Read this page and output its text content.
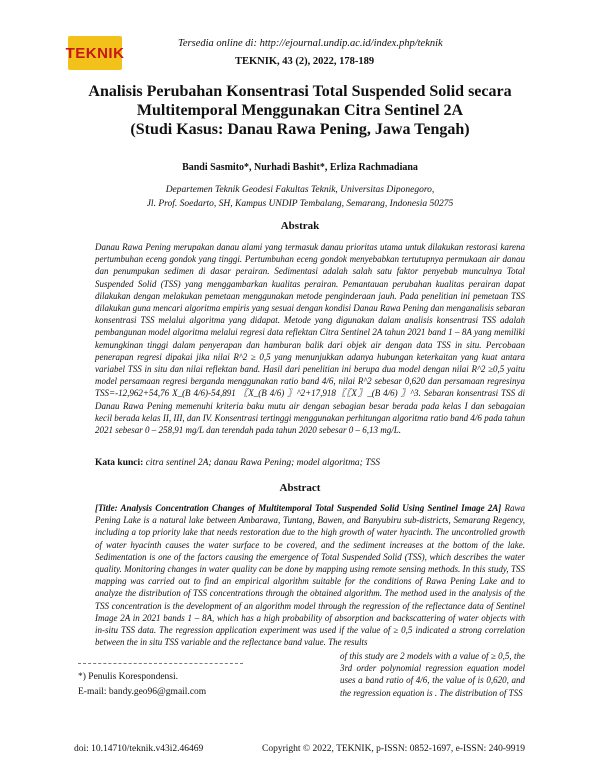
TEKNIK
Tersedia online di: http://ejournal.undip.ac.id/index.php/teknik
TEKNIK, 43 (2), 2022, 178-189
Analisis Perubahan Konsentrasi Total Suspended Solid secara
Multitemporal Menggunakan Citra Sentinel 2A
(Studi Kasus: Danau Rawa Pening, Jawa Tengah)
Bandi Sasmito*, Nurhadi Bashit*, Erliza Rachmadiana
Departemen Teknik Geodesi Fakultas Teknik, Universitas Diponegoro,
Jl. Prof. Soedarto, SH, Kampus UNDIP Tembalang, Semarang, Indonesia 50275
Abstrak

Danau Rawa Pening merupakan danau alami yang termasuk danau prioritas utama untuk dilakukan restorasi karena pertumbuhan eceng gondok yang tinggi. Pertumbuhan eceng gondok menyebabkan tertutupnya permukaan air danau dan penumpukan sedimen di dasar perairan. Sedimentasi adalah salah satu faktor penyebab munculnya Total Suspended Solid (TSS) yang menggambarkan kualitas perairan. Pemantauan perubahan kualitas perairan dapat dilakukan dengan melakukan pemetaan menggunakan metode penginderaan jauh. Pada penelitian ini pemetaan TSS dilakukan guna mencari algoritma empiris yang sesuai dengan kondisi Danau Rawa Pening dan menganalisis sebaran konsentrasi TSS melalui algoritma yang didapat. Metode yang digunakan dalam analisis konsentrasi TSS adalah pembangunan model algoritma melalui regresi data reflektan Citra Sentinel 2A tahun 2021 band 1 – 8A yang memiliki kemungkinan tinggi dalam penyerapan dan hamburan balik dari objek air dengan data TSS in situ. Percobaan penerapan regresi dipakai jika nilai R^2 ≥ 0,5 yang menunjukkan adanya hubungan keterkaitan yang kuat antara variabel TSS in situ dan nilai reflektan band. Hasil dari penelitian ini berupa dua model dengan nilai R^2 ≥0,5 yaitu model persamaan regresi berganda menggunakan ratio band 4/6, nilai R^2 sebesar 0,620 dan persamaan regresinya TSS=-12,962+54,76 X_(B 4/6)-54,891 〖X_(B 4/6) 〗^2+17,918〖〖X〗_(B 4/6) 〗^3. Sebaran konsentrasi TSS di Danau Rawa Pening memenuhi kriteria baku mutu air dengan sebagian besar berada pada kelas I dan sebagaian kecil berada kelas II, III, dan IV. Konsentrasi tertinggi menggunakan perhitungan algoritma ratio band 4/6 pada tahun 2021 sebesar 0 – 258,91 mg/L dan terendah pada tahun 2020 sebesar 0 – 6,13 mg/L.

Kata kunci: citra sentinel 2A; danau Rawa Pening; model algoritma; TSS
Abstract

[Title: Analysis Concentration Changes of Multitemporal Total Suspended Solid Using Sentinel Image 2A] Rawa Pening Lake is a natural lake between Ambarawa, Tuntang, Bawen, and Banyubiru sub-districts, Semarang Regency, including a top priority lake that needs restoration due to the high growth of water hyacinth. The uncontrolled growth of water hyacinth causes the water surface to be covered, and the sediment increases at the bottom of the lake. Sedimentation is one of the factors causing the emergence of Total Suspended Solid (TSS), which describes the water quality. Monitoring changes in water quality can be done by mapping using remote sensing methods. In this study, TSS mapping was carried out to find an empirical algorithm suitable for the conditions of Rawa Pening Lake and to analyze the distribution of TSS concentrations through the obtained algorithm. The method used in the analysis of the TSS concentration is the development of an algorithm model through the regression of the reflectance data of Sentinel Image 2A in 2021 bands 1 – 8A, which has a high probability of absorption and backscattering of water objects with in-situ TSS data. The regression application experiment was used if the value of ≥ 0,5 indicated a strong correlation between the in situ TSS variable and the reflectance band value. The results

of this study are 2 models with a value of ≥ 0,5, the 3rd order polynomial regression equation model uses a band ratio of 4/6, the value of is 0,620, and the regression equation is . The distribution of TSS

*) Penulis Korespondensi.
E-mail: bandy.geo96@gmail.com
doi: 10.14710/teknik.v43i2.46469	Copyright © 2022, TEKNIK, p-ISSN: 0852-1697, e-ISSN: 240-9919
